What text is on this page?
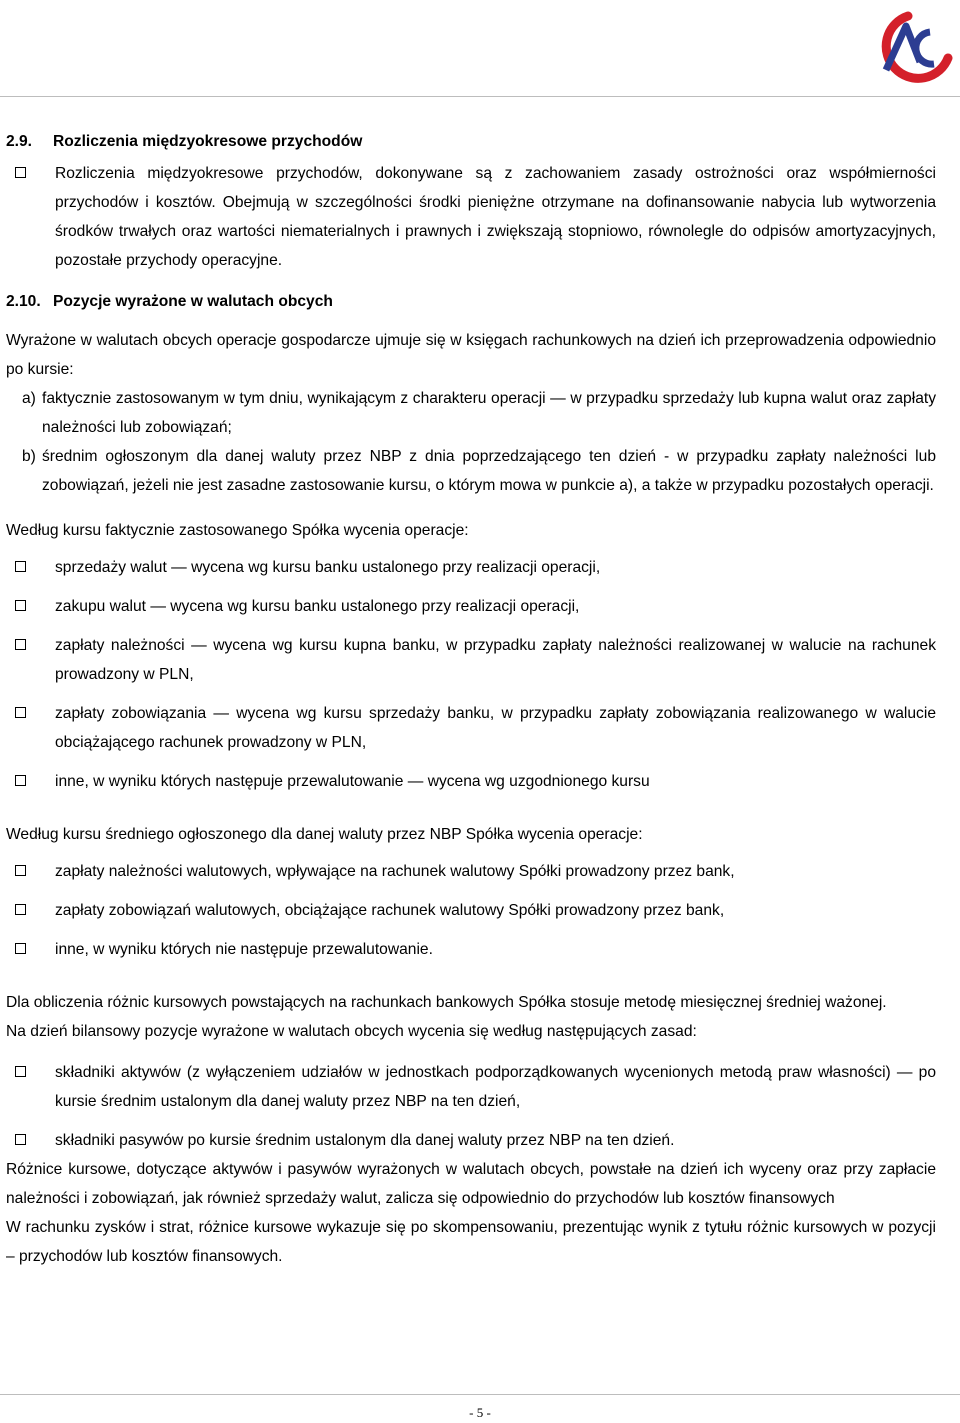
2.9. Rozliczenia międzyokresowe przychodów

Rozliczenia międzyokresowe przychodów, dokonywane są z zachowaniem zasady ostrożności oraz współmierności przychodów i kosztów. Obejmują w szczególności środki pieniężne otrzymane na dofinansowanie nabycia lub wytworzenia środków trwałych oraz wartości niematerialnych i prawnych i zwiększają stopniowo, równolegle do odpisów amortyzacyjnych, pozostałe przychody operacyjne.

2.10. Pozycje wyrażone w walutach obcych

Wyrażone w walutach obcych operacje gospodarcze ujmuje się w księgach rachunkowych na dzień ich przeprowadzenia odpowiednio po kursie:

a) faktycznie zastosowanym w tym dniu, wynikającym z charakteru operacji — w przypadku sprzedaży lub kupna walut oraz zapłaty należności lub zobowiązań;
b) średnim ogłoszonym dla danej waluty przez NBP z dnia poprzedzającego ten dzień - w przypadku zapłaty należności lub zobowiązań, jeżeli nie jest zasadne zastosowanie kursu, o którym mowa w punkcie a), a także w przypadku pozostałych operacji.

Według kursu faktycznie zastosowanego Spółka wycenia operacje:

sprzedaży walut — wycena wg kursu banku ustalonego przy realizacji operacji,
zakupu walut — wycena wg kursu banku ustalonego przy realizacji operacji,
zapłaty należności — wycena wg kursu kupna banku, w przypadku zapłaty należności realizowanej w walucie na rachunek prowadzony w PLN,
zapłaty zobowiązania — wycena wg kursu sprzedaży banku, w przypadku zapłaty zobowiązania realizowanego w walucie obciążającego rachunek prowadzony w PLN,
inne, w wyniku których następuje przewalutowanie — wycena wg uzgodnionego kursu

Według kursu średniego ogłoszonego dla danej waluty przez NBP Spółka wycenia operacje:

zapłaty należności walutowych, wpływające na rachunek walutowy Spółki prowadzony przez bank,
zapłaty zobowiązań walutowych, obciążające rachunek walutowy Spółki prowadzony przez bank,
inne, w wyniku których nie następuje przewalutowanie.

Dla obliczenia różnic kursowych powstających na rachunkach bankowych Spółka stosuje metodę miesięcznej średniej ważonej.

Na dzień bilansowy pozycje wyrażone w walutach obcych wycenia się według następujących zasad:

składniki aktywów (z wyłączeniem udziałów w jednostkach podporządkowanych wycenionych metodą praw własności) — po kursie średnim ustalonym dla danej waluty przez NBP na ten dzień,
składniki pasywów po kursie średnim ustalonym dla danej waluty przez NBP na ten dzień.

Różnice kursowe, dotyczące aktywów i pasywów wyrażonych w walutach obcych, powstałe na dzień ich wyceny oraz przy zapłacie należności i zobowiązań, jak również sprzedaży walut, zalicza się odpowiednio do przychodów lub kosztów finansowych

W rachunku zysków i strat, różnice kursowe wykazuje się po skompensowaniu, prezentując wynik z tytułu różnic kursowych w pozycji – przychodów lub kosztów finansowych.

- 5 -
